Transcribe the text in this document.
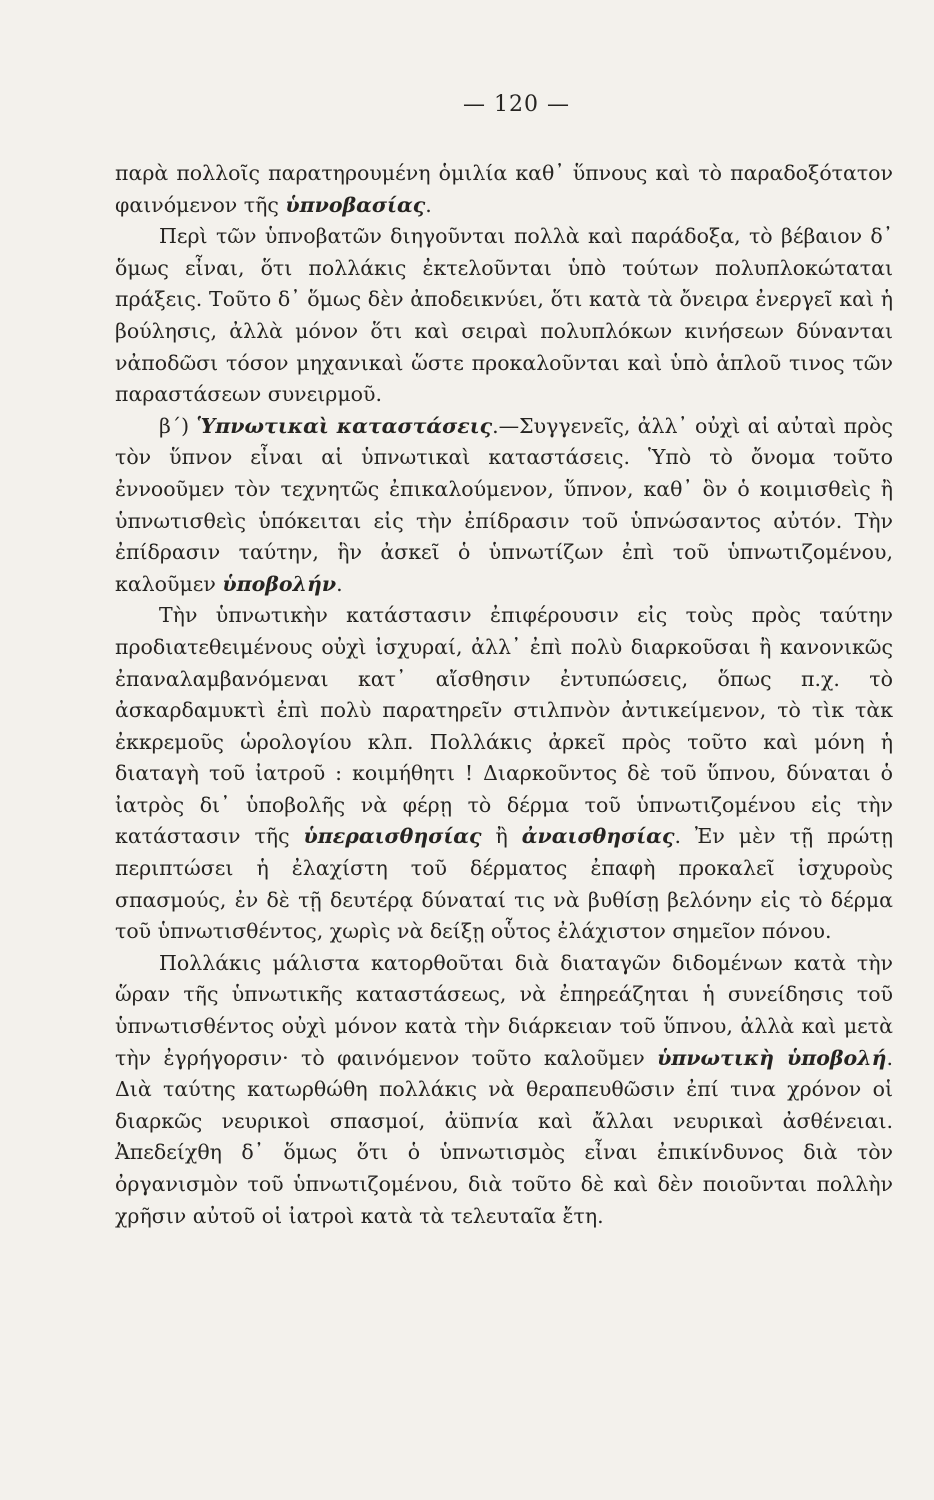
— 120 —

παρὰ πολλοῖς παρατηρουμένη ὁμιλία καθ᾽ ὕπνους καὶ τὸ παραδοξότατον φαινόμενον τῆς ὑπνοβασίας.

Περὶ τῶν ὑπνοβατῶν διηγοῦνται πολλὰ καὶ παράδοξα, τὸ βέβαιον δ᾽ ὅμως εἶναι, ὅτι πολλάκις ἐκτελοῦνται ὑπὸ τούτων πολυπλοκώταται πράξεις. Τοῦτο δ᾽ ὅμως δὲν ἀποδεικνύει, ὅτι κατὰ τὰ ὄνειρα ἐνεργεῖ καὶ ἡ βούλησις, ἀλλὰ μόνον ὅτι καὶ σειραὶ πολυπλόκων κινήσεων δύνανται νἀποδῶσι τόσον μηχανικαὶ ὥστε προκαλοῦνται καὶ ὑπὸ ἁπλοῦ τινος τῶν παραστάσεων συνειρμοῦ.

β΄) Ὑπνωτικαὶ καταστάσεις.—Συγγενεῖς, ἀλλ᾽ οὐχὶ αἱ αὐταὶ πρὸς τὸν ὕπνον εἶναι αἱ ὑπνωτικαὶ καταστάσεις. Ὑπὸ τὸ ὄνομα τοῦτο ἐννοοῦμεν τὸν τεχνητῶς ἐπικαλούμενον, ὕπνον, καθ᾽ ὃν ὁ κοιμισθεὶς ἢ ὑπνωτισθεὶς ὑπόκειται εἰς τὴν ἐπίδρασιν τοῦ ὑπνώσαντος αὐτόν. Τὴν ἐπίδρασιν ταύτην, ἣν ἀσκεῖ ὁ ὑπνωτίζων ἐπὶ τοῦ ὑπνωτιζομένου, καλοῦμεν ὑποβολήν.

Τὴν ὑπνωτικὴν κατάστασιν ἐπιφέρουσιν εἰς τοὺς πρὸς ταύτην προδιατεθειμένους οὐχὶ ἰσχυραί, ἀλλ᾽ ἐπὶ πολὺ διαρκοῦσαι ἢ κανονικῶς ἐπαναλαμβανόμεναι κατ᾽ αἴσθησιν ἐντυπώσεις, ὅπως π.χ. τὸ ἀσκαρδαμυκτὶ ἐπὶ πολὺ παρατηρεῖν στιλπνὸν ἀντικείμενον, τὸ τὶκ τὰκ ἐκκρεμοῦς ὡρολογίου κλπ. Πολλάκις ἀρκεῖ πρὸς τοῦτο καὶ μόνη ἡ διαταγὴ τοῦ ἰατροῦ : κοιμήθητι ! Διαρκοῦντος δὲ τοῦ ὕπνου, δύναται ὁ ἰατρὸς δι᾽ ὑποβολῆς νὰ φέρῃ τὸ δέρμα τοῦ ὑπνωτιζομένου εἰς τὴν κατάστασιν τῆς ὑπεραισθησίας ἢ ἀναισθησίας. Ἐν μὲν τῇ πρώτῃ περιπτώσει ἡ ἐλαχίστη τοῦ δέρματος ἐπαφὴ προκαλεῖ ἰσχυροὺς σπασμούς, ἐν δὲ τῇ δευτέρᾳ δύναταί τις νὰ βυθίσῃ βελόνην εἰς τὸ δέρμα τοῦ ὑπνωτισθέντος, χωρὶς νὰ δείξῃ οὗτος ἐλάχιστον σημεῖον πόνου.

Πολλάκις μάλιστα κατορθοῦται διὰ διαταγῶν διδομένων κατὰ τὴν ὥραν τῆς ὑπνωτικῆς καταστάσεως, νὰ ἐπηρεάζηται ἡ συνείδησις τοῦ ὑπνωτισθέντος οὐχὶ μόνον κατὰ τὴν διάρκειαν τοῦ ὕπνου, ἀλλὰ καὶ μετὰ τὴν ἐγρήγορσιν· τὸ φαινόμενον τοῦτο καλοῦμεν ὑπνωτικὴ ὑποβολή. Διὰ ταύτης κατωρθώθη πολλάκις νὰ θεραπευθῶσιν ἐπί τινα χρόνον οἱ διαρκῶς νευρικοὶ σπασμοί, ἀϋπνία καὶ ἄλλαι νευρικαὶ ἀσθένειαι. Ἀπεδείχθη δ᾽ ὅμως ὅτι ὁ ὑπνωτισμὸς εἶναι ἐπικίνδυνος διὰ τὸν ὀργανισμὸν τοῦ ὑπνωτιζομένου, διὰ τοῦτο δὲ καὶ δὲν ποιοῦνται πολλὴν χρῆσιν αὐτοῦ οἱ ἰατροὶ κατὰ τὰ τελευταῖα ἔτη.
